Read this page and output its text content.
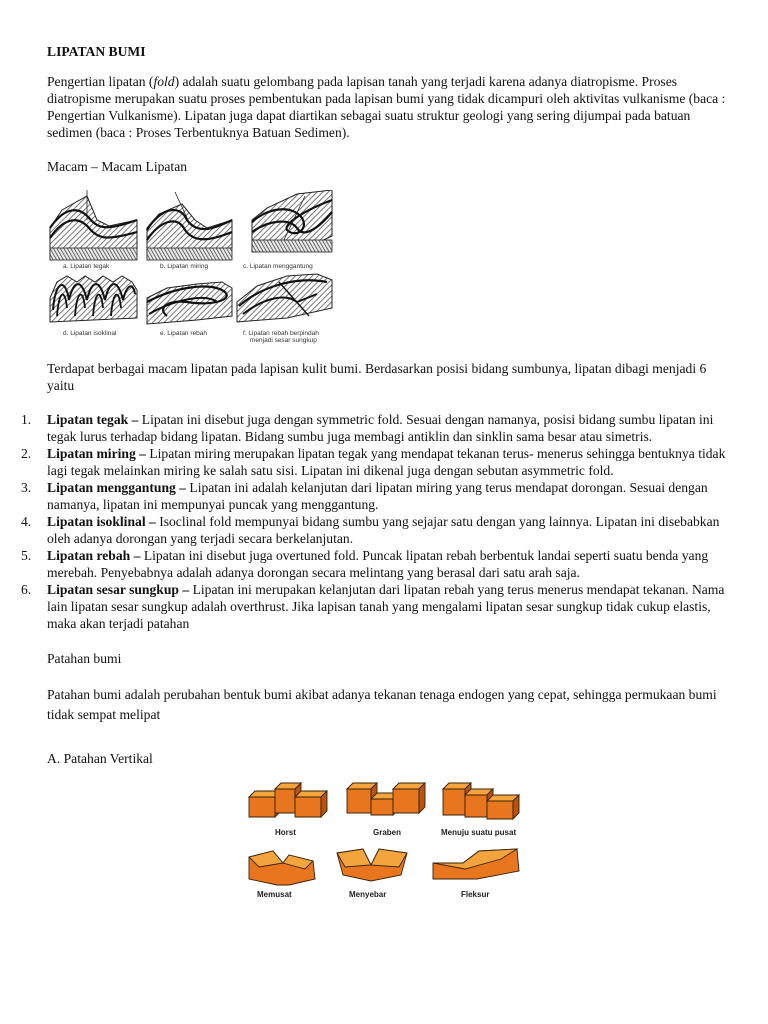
LIPATAN BUMI

Pengertian lipatan (fold) adalah suatu gelombang pada lapisan tanah yang terjadi karena adanya diatropisme. Proses diatropisme merupakan suatu proses pembentukan pada lapisan bumi yang tidak dicampuri oleh aktivitas vulkanisme (baca : Pengertian Vulkanisme). Lipatan juga dapat diartikan sebagai suatu struktur geologi yang sering dijumpai pada batuan sedimen (baca : Proses Terbentuknya Batuan Sedimen).

Macam – Macam Lipatan

a. Lipatan tegak	b. Lipatan miring	c. Lipatan menggantung
d. Lipatan isoklinal	e. Lipatan rebah	f. Lipatan rebah berpindah
menjadi sesar sungkup

Terdapat berbagai macam lipatan pada lapisan kulit bumi. Berdasarkan posisi bidang sumbunya, lipatan dibagi menjadi 6 yaitu

1. Lipatan tegak – Lipatan ini disebut juga dengan symmetric fold. Sesuai dengan namanya, posisi bidang sumbu lipatan ini tegak lurus terhadap bidang lipatan. Bidang sumbu juga membagi antiklin dan sinklin sama besar atau simetris.
2. Lipatan miring – Lipatan miring merupakan lipatan tegak yang mendapat tekanan terus- menerus sehingga bentuknya tidak lagi tegak melainkan miring ke salah satu sisi. Lipatan ini dikenal juga dengan sebutan asymmetric fold.
3. Lipatan menggantung – Lipatan ini adalah kelanjutan dari lipatan miring yang terus mendapat dorongan. Sesuai dengan namanya, lipatan ini mempunyai puncak yang menggantung.
4. Lipatan isoklinal – Isoclinal fold mempunyai bidang sumbu yang sejajar satu dengan yang lainnya. Lipatan ini disebabkan oleh adanya dorongan yang terjadi secara berkelanjutan.
5. Lipatan rebah – Lipatan ini disebut juga overtuned fold. Puncak lipatan rebah berbentuk landai seperti suatu benda yang merebah. Penyebabnya adalah adanya dorongan secara melintang yang berasal dari satu arah saja.
6. Lipatan sesar sungkup – Lipatan ini merupakan kelanjutan dari lipatan rebah yang terus menerus mendapat tekanan. Nama lain lipatan sesar sungkup adalah overthrust. Jika lapisan tanah yang mengalami lipatan sesar sungkup tidak cukup elastis, maka akan terjadi patahan

Patahan bumi

Patahan bumi adalah perubahan bentuk bumi akibat adanya tekanan tenaga endogen yang cepat, sehingga permukaan bumi tidak sempat melipat

A. Patahan Vertikal

Horst	Graben	Menuju suatu pusat
Memusat	Menyebar	Fleksur
